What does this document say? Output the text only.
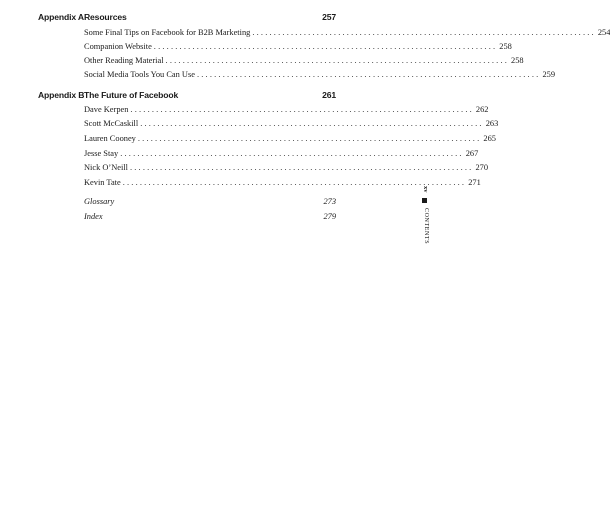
Appendix A Resources	257
Some Final Tips on Facebook for B2B Marketing ................................................................................ 254
Companion Website ................................................................................ 258
Other Reading Material ................................................................................ 258
Social Media Tools You Can Use ................................................................................ 259
Appendix B The Future of Facebook	261
Dave Kerpen ................................................................................ 262
Scott McCaskill ................................................................................ 263
Lauren Cooney ................................................................................ 265
Jesse Stay ................................................................................ 267
Nick O’Neill ................................................................................ 270
Kevin Tate ................................................................................ 271
Glossary	273
Index	279
xv
CONTENTS
